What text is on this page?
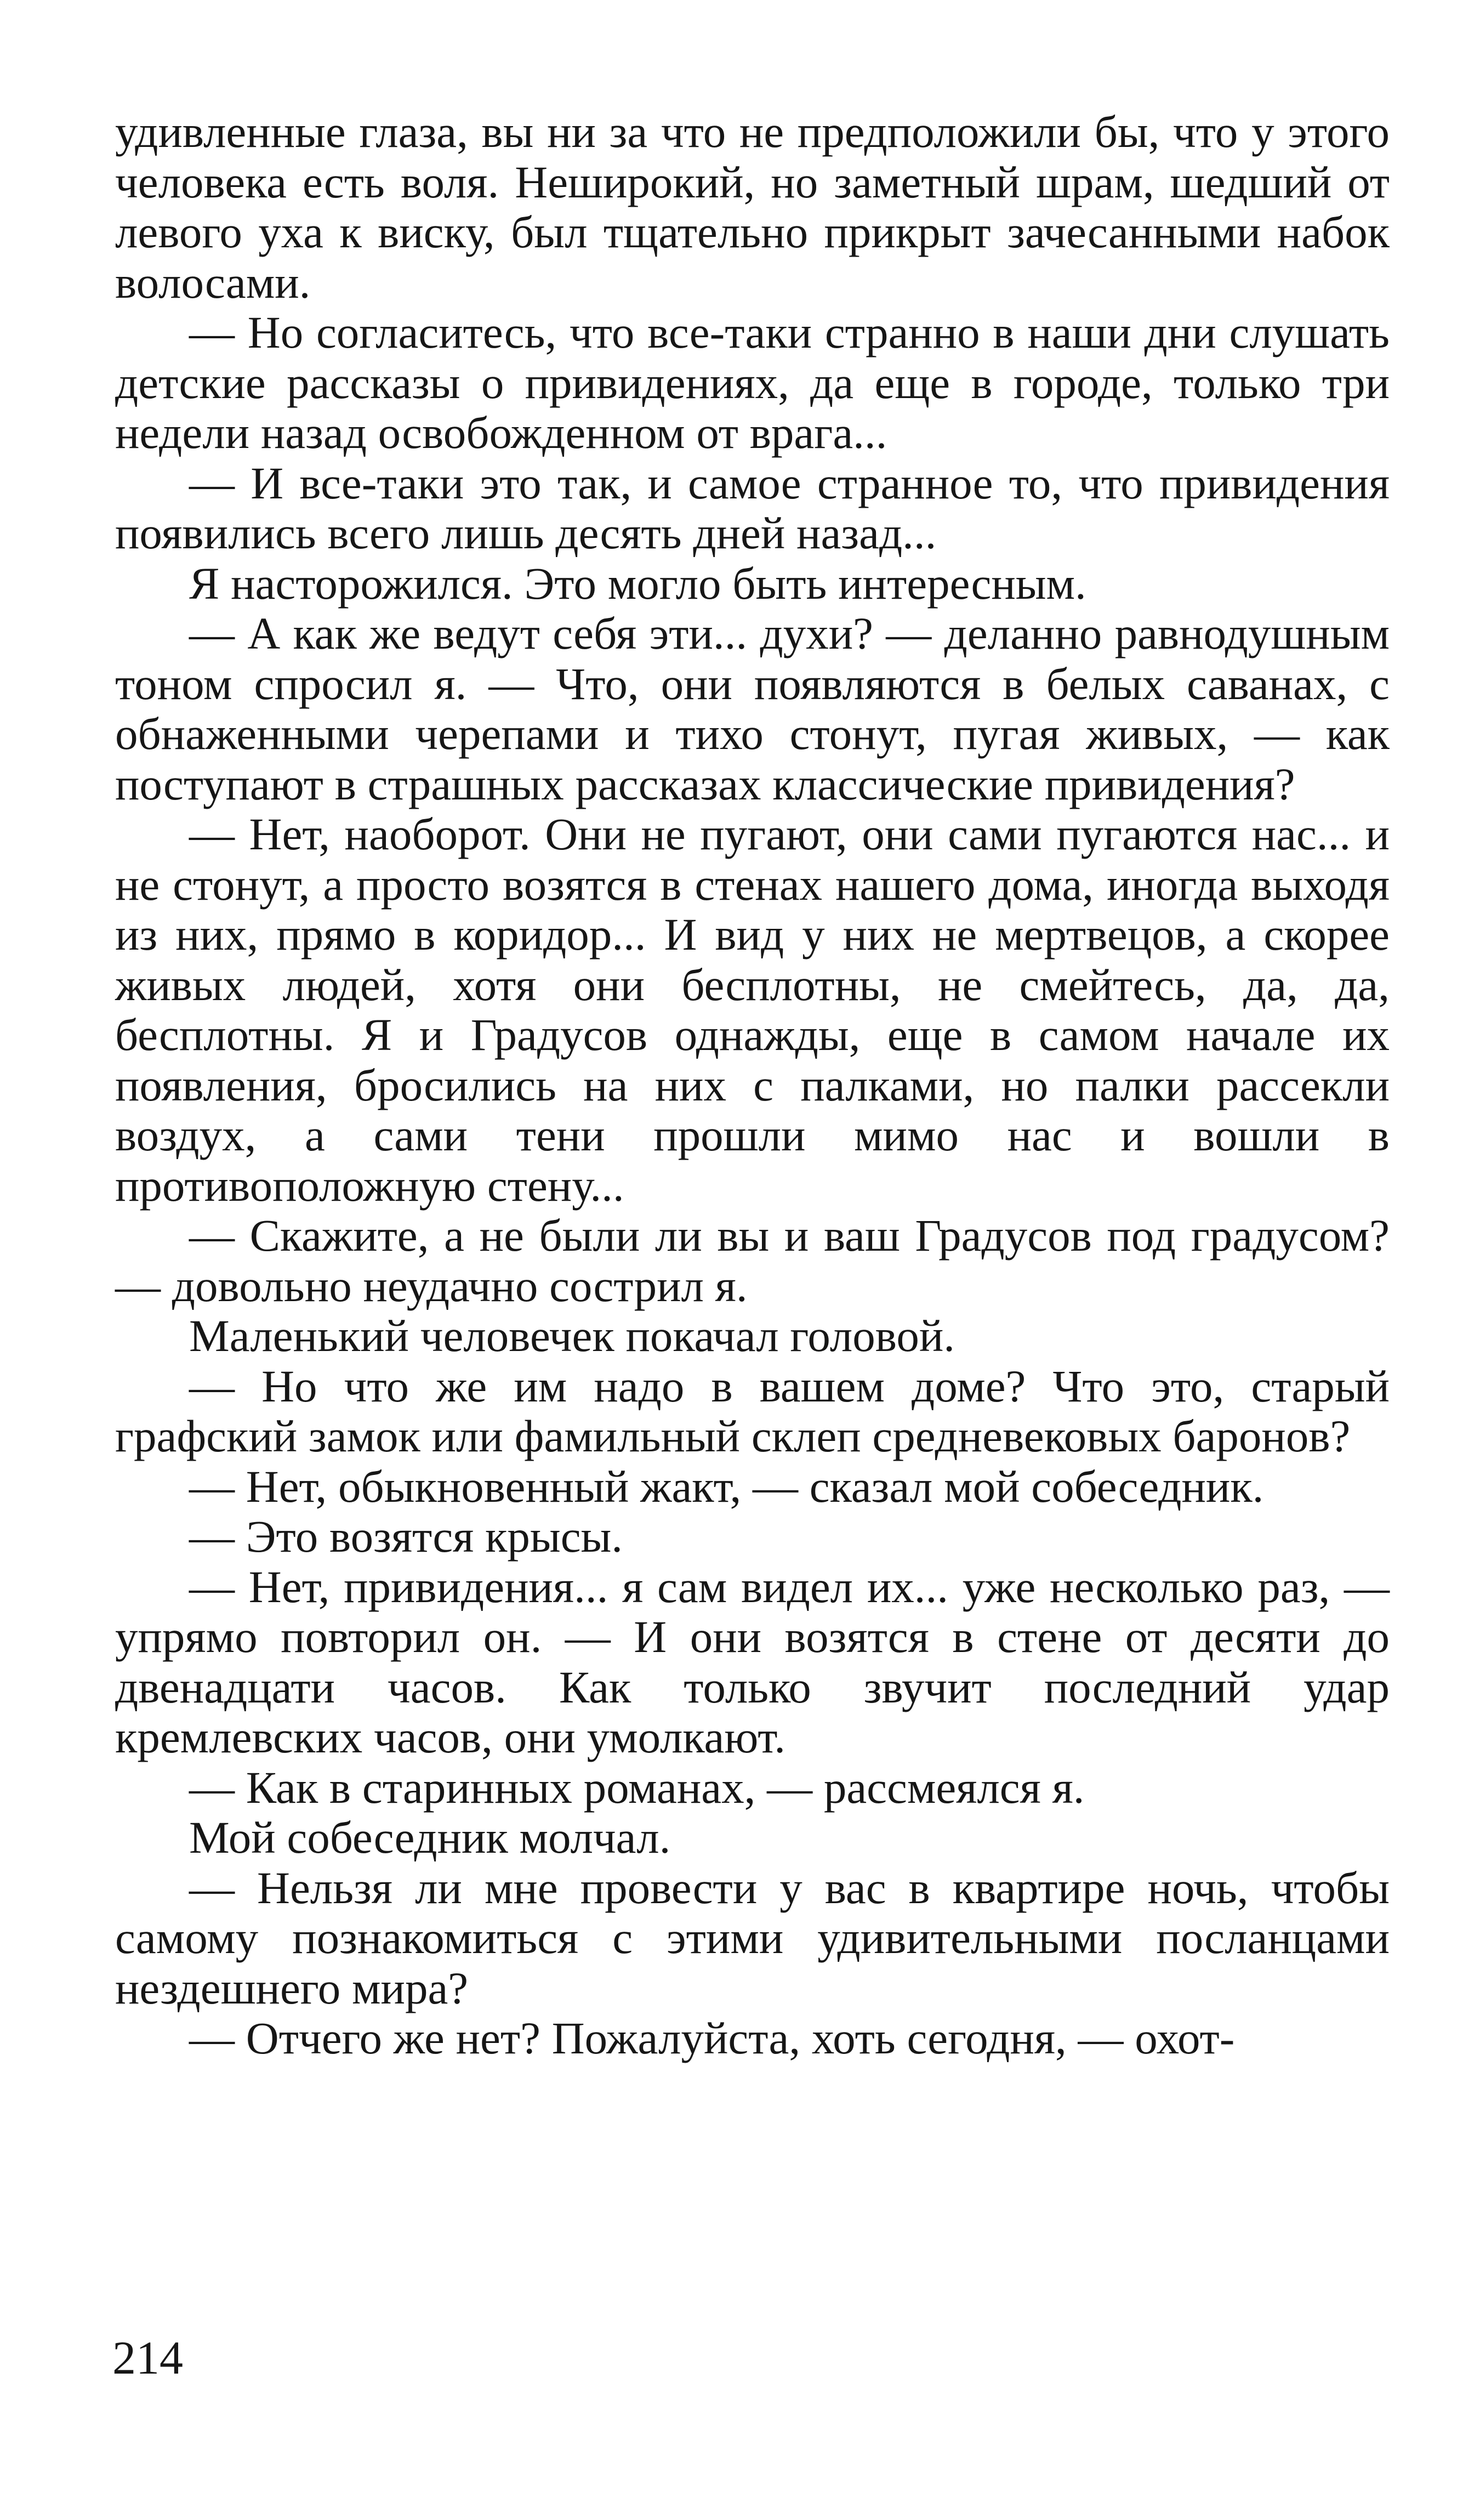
удивленные глаза, вы ни за что не предположили бы, что у этого человека есть воля. Неширокий, но заметный шрам, шедший от левого уха к виску, был тщательно прикрыт зачесанными набок волосами.

— Но согласитесь, что все-таки странно в наши дни слушать детские рассказы о привидениях, да еще в городе, только три недели назад освобожденном от врага...

— И все-таки это так, и самое странное то, что привидения появились всего лишь десять дней назад...

Я насторожился. Это могло быть интересным.

— А как же ведут себя эти... духи? — деланно равнодушным тоном спросил я. — Что, они появляются в белых саванах, с обнаженными черепами и тихо стонут, пугая живых, — как поступают в страшных рассказах классические привидения?

— Нет, наоборот. Они не пугают, они сами пугаются нас... и не стонут, а просто возятся в стенах нашего дома, иногда выходя из них, прямо в коридор... И вид у них не мертвецов, а скорее живых людей, хотя они бесплотны, не смейтесь, да, да, бесплотны. Я и Градусов однажды, еще в самом начале их появления, бросились на них с палками, но палки рассекли воздух, а сами тени прошли мимо нас и вошли в противоположную стену...

— Скажите, а не были ли вы и ваш Градусов под градусом? — довольно неудачно сострил я.

Маленький человечек покачал головой.

— Но что же им надо в вашем доме? Что это, старый графский замок или фамильный склеп средневековых баронов?

— Нет, обыкновенный жакт, — сказал мой собеседник.

— Это возятся крысы.

— Нет, привидения... я сам видел их... уже несколько раз, — упрямо повторил он. — И они возятся в стене от десяти до двенадцати часов. Как только звучит последний удар кремлевских часов, они умолкают.

— Как в старинных романах, — рассмеялся я.

Мой собеседник молчал.

— Нельзя ли мне провести у вас в квартире ночь, чтобы самому познакомиться с этими удивительными посланцами нездешнего мира?

— Отчего же нет? Пожалуйста, хоть сегодня, — охот-

214
